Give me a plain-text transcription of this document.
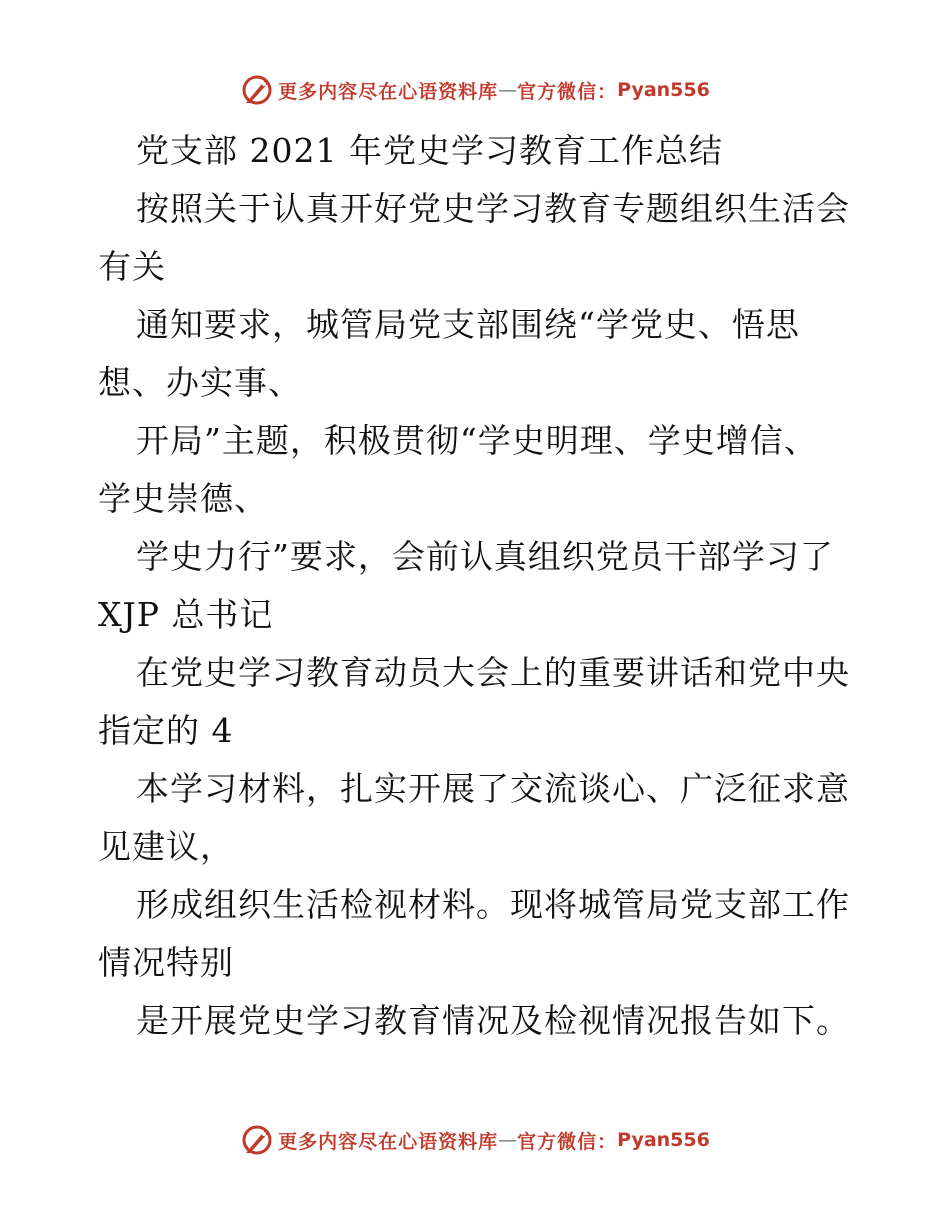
更多内容尽在心语资料库 — 官方微信： Pyan556

党支部 2021 年党史学习教育工作总结

按照关于认真开好党史学习教育专题组织生活会

有关

通知要求，城管局党支部围绕“学党史、悟思

想、办实事、

开局”主题，积极贯彻“学史明理、学史增信、

学史崇德、

学史力行”要求，会前认真组织党员干部学习了

XJP 总书记

在党史学习教育动员大会上的重要讲话和党中央

指定的 4

本学习材料，扎实开展了交流谈心、广泛征求意

见建议，

形成组织生活检视材料。现将城管局党支部工作

情况特别

是开展党史学习教育情况及检视情况报告如下。

更多内容尽在心语资料库 — 官方微信： Pyan556
